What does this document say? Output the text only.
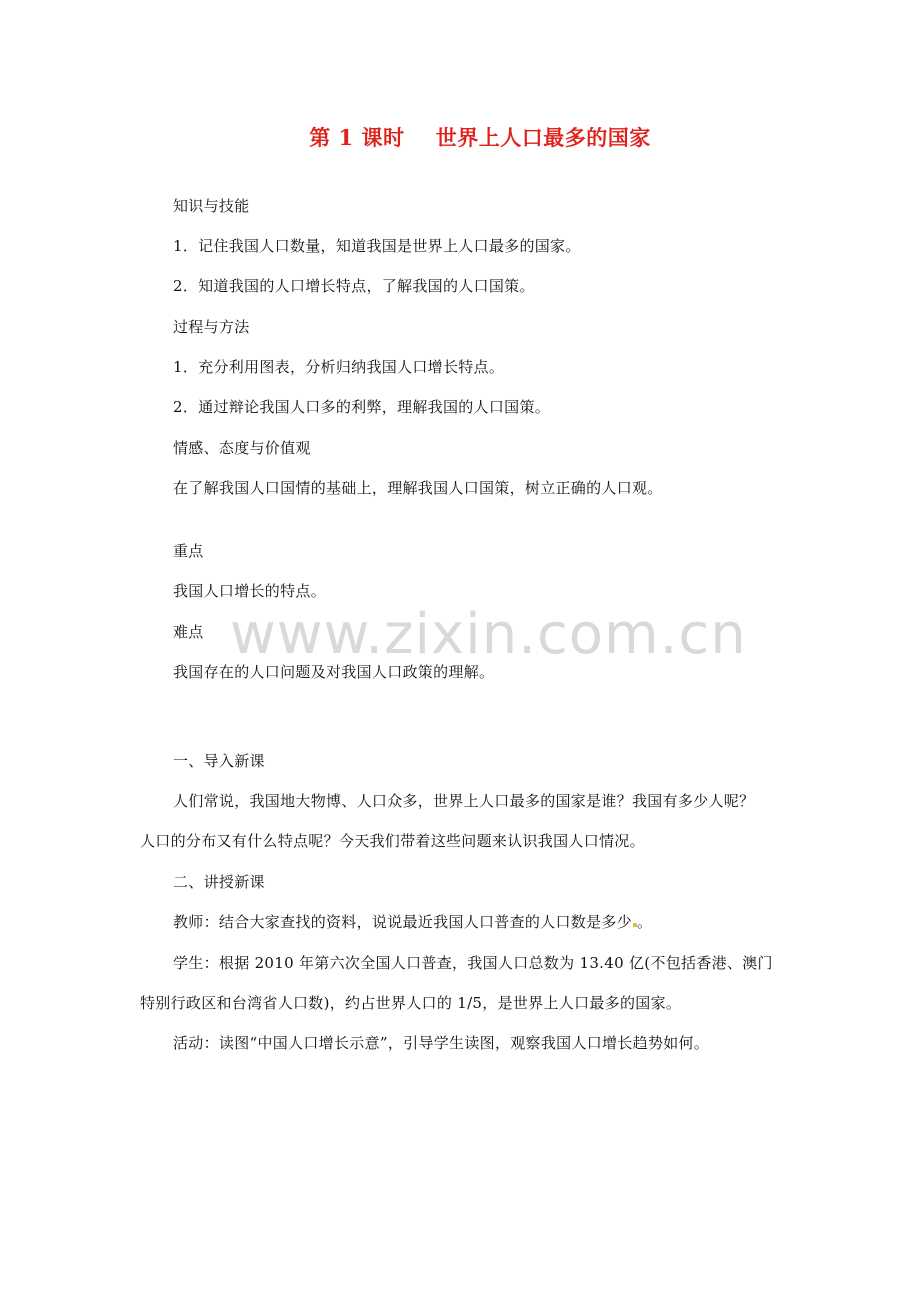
第 1 课时    世界上人口最多的国家
知识与技能
1．记住我国人口数量，知道我国是世界上人口最多的国家。
2．知道我国的人口增长特点，了解我国的人口国策。
过程与方法
1．充分利用图表，分析归纳我国人口增长特点。
2．通过辩论我国人口多的利弊，理解我国的人口国策。
情感、态度与价值观
在了解我国人口国情的基础上，理解我国人口国策，树立正确的人口观。
重点
我国人口增长的特点。
难点
我国存在的人口问题及对我国人口政策的理解。
www.zixin.com.cn
一、导入新课
人们常说，我国地大物博、人口众多，世界上人口最多的国家是谁？我国有多少人呢？
人口的分布又有什么特点呢？今天我们带着这些问题来认识我国人口情况。
二、讲授新课
教师：结合大家查找的资料，说说最近我国人口普查的人口数是多少 。
学生：根据 2010 年第六次全国人口普查，我国人口总数为 13.40 亿(不包括香港、澳门
特别行政区和台湾省人口数)，约占世界人口的 1/5，是世界上人口最多的国家。
活动：读图“中国人口增长示意”，引导学生读图，观察我国人口增长趋势如何。
